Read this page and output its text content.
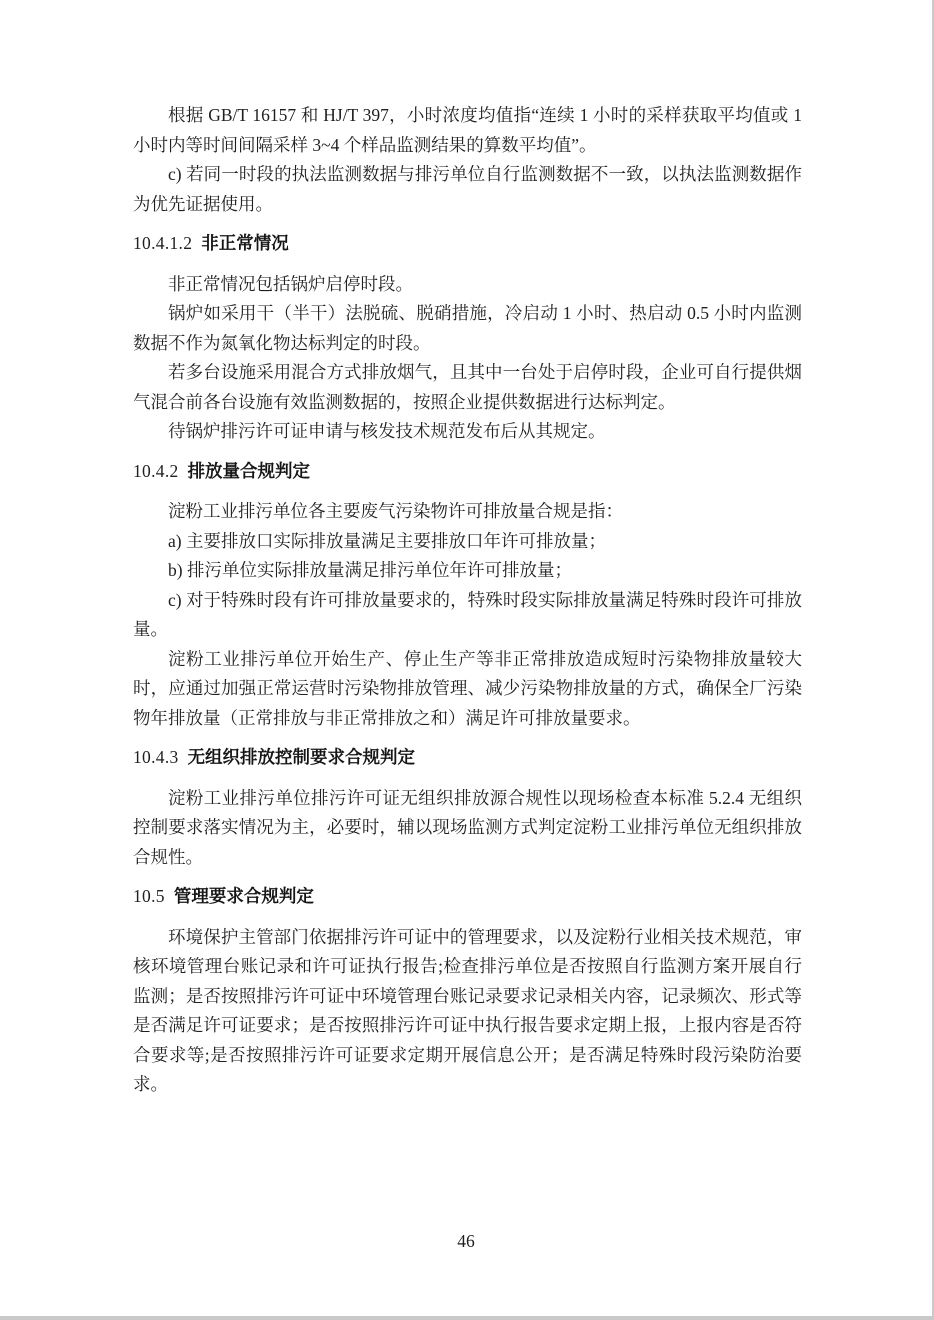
根据 GB/T 16157 和 HJ/T 397，小时浓度均值指“连续 1 小时的采样获取平均值或 1 小时内等时间间隔采样 3~4 个样品监测结果的算数平均值”。

c) 若同一时段的执法监测数据与排污单位自行监测数据不一致，以执法监测数据作为优先证据使用。

10.4.1.2 非正常情况

非正常情况包括锅炉启停时段。

锅炉如采用干（半干）法脱硫、脱硝措施，冷启动 1 小时、热启动 0.5 小时内监测数据不作为氮氧化物达标判定的时段。

若多台设施采用混合方式排放烟气，且其中一台处于启停时段，企业可自行提供烟气混合前各台设施有效监测数据的，按照企业提供数据进行达标判定。

待锅炉排污许可证申请与核发技术规范发布后从其规定。

10.4.2 排放量合规判定

淀粉工业排污单位各主要废气污染物许可排放量合规是指：

a) 主要排放口实际排放量满足主要排放口年许可排放量；

b) 排污单位实际排放量满足排污单位年许可排放量；

c) 对于特殊时段有许可排放量要求的，特殊时段实际排放量满足特殊时段许可排放量。

淀粉工业排污单位开始生产、停止生产等非正常排放造成短时污染物排放量较大时，应通过加强正常运营时污染物排放管理、减少污染物排放量的方式，确保全厂污染物年排放量（正常排放与非正常排放之和）满足许可排放量要求。

10.4.3 无组织排放控制要求合规判定

淀粉工业排污单位排污许可证无组织排放源合规性以现场检查本标准 5.2.4 无组织控制要求落实情况为主，必要时，辅以现场监测方式判定淀粉工业排污单位无组织排放合规性。

10.5 管理要求合规判定

环境保护主管部门依据排污许可证中的管理要求，以及淀粉行业相关技术规范，审核环境管理台账记录和许可证执行报告;检查排污单位是否按照自行监测方案开展自行监测；是否按照排污许可证中环境管理台账记录要求记录相关内容，记录频次、形式等是否满足许可证要求；是否按照排污许可证中执行报告要求定期上报，上报内容是否符合要求等;是否按照排污许可证要求定期开展信息公开；是否满足特殊时段污染防治要求。

46
